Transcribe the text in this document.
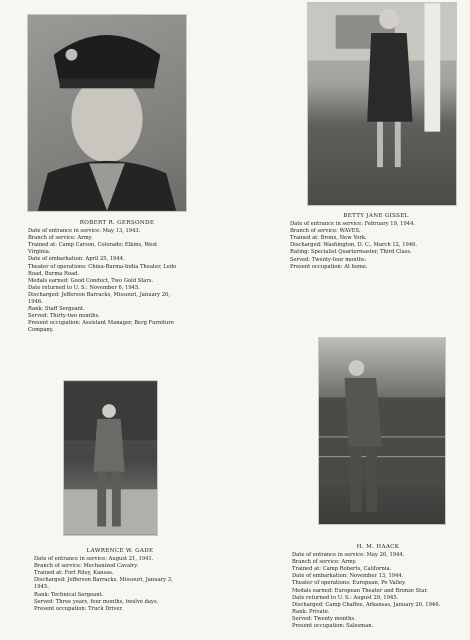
ROBERT R. GERSONDE
Date of entrance in service: May 13, 1943.
Branch of service: Army.
Trained at: Camp Carson, Colorado; Elkins, West
Virginia.
Date of embarkation: April 25, 1944.
Theater of operations: China-Burma-India Theater, Ledo
Road, Burma Road.
Medals earned: Good Conduct, Two Gold Stars.
Date returned to U. S.: November 6, 1945.
Discharged: Jefferson Barracks, Missouri, January 20,
1946.
Rank: Staff Sergeant.
Served: Thirty-two months.
Present occupation: Assistant Manager, Berg Furniture
Company.
BETTY JANE GISSEL
Date of entrance in service: February 19, 1944.
Branch of service: WAVES.
Trained at: Bronx, New York.
Discharged: Washington, D. C., March 12, 1946.
Rating: Specialist Quartermaster, Third Class.
Served: Twenty-four months.
Present occupation: At home.
LAWRENCE W. GADE
Date of entrance in service: August 21, 1941.
Branch of service: Mechanized Cavalry.
Trained at: Fort Riley, Kansas.
Discharged: Jefferson Barracks, Missouri, January 3,
1945.
Rank: Technical Sergeant.
Served: Three years, four months, twelve days.
Present occupation: Truck Driver.
H. M. HAACK
Date of entrance in service: May 26, 1944.
Branch of service: Army.
Trained at: Camp Roberts, California.
Date of embarkation: November 13, 1944.
Theater of operations: European, Po Valley.
Medals earned: European Theater and Bronze Star.
Date returned to U. S.: August 29, 1945.
Discharged: Camp Chaffee, Arkansas, January 20, 1946.
Rank: Private.
Served: Twenty months.
Present occupation: Salesman.
